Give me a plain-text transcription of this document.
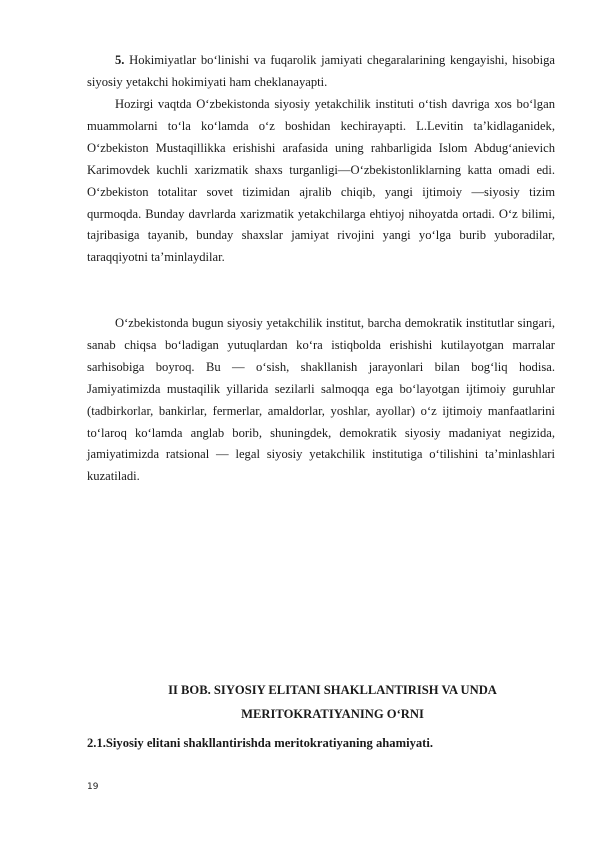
5. Hokimiyatlar bo‘linishi va fuqarolik jamiyati chegaralarining kengayishi, hisobiga siyosiy yetakchi hokimiyati ham cheklanayapti.

Hozirgi vaqtda O‘zbekistonda siyosiy yetakchilik instituti o‘tish davriga xos bo‘lgan muammolarni to‘la ko‘lamda o‘z boshidan kechirayapti. L.Levitin ta’kidlaganidek, O‘zbekiston Mustaqillikka erishishi arafasida uning rahbarligida Islom Abdug‘anievich Karimovdek kuchli xarizmatik shaxs turganligi—O‘zbekistonliklarning katta omadi edi. O‘zbekiston totalitar sovet tizimidan ajralib chiqib, yangi ijtimoiy —siyosiy tizim qurmoqda. Bunday davrlarda xarizmatik yetakchilarga ehtiyoj nihoyatda ortadi. O‘z bilimi, tajribasiga tayanib, bunday shaxslar jamiyat rivojini yangi yo‘lga burib yuboradilar, taraqqiyotni ta’minlaydilar.

O‘zbekistonda bugun siyosiy yetakchilik institut, barcha demokratik institutlar singari, sanab chiqsa bo‘ladigan yutuqlardan ko‘ra istiqbolda erishishi kutilayotgan marralar sarhisobiga boyroq. Bu — o‘sish, shakllanish jarayonlari bilan bog‘liq hodisa. Jamiyatimizda mustaqilik yillarida sezilarli salmoqqa ega bo‘layotgan ijtimoiy guruhlar (tadbirkorlar, bankirlar, fermerlar, amaldorlar, yoshlar, ayollar) o‘z ijtimoiy manfaatlarini to‘laroq ko‘lamda anglab borib, shuningdek, demokratik siyosiy madaniyat negizida, jamiyatimizda ratsional — legal siyosiy yetakchilik institutiga o‘tilishini ta’minlashlari kuzatiladi.

II BOB. SIYOSIY ELITANI SHAKLLANTIRISH VA UNDA
MERITOKRATIYANING O‘RNI
2.1.Siyosiy elitani shakllantirishda meritokratiyaning ahamiyati.
19
